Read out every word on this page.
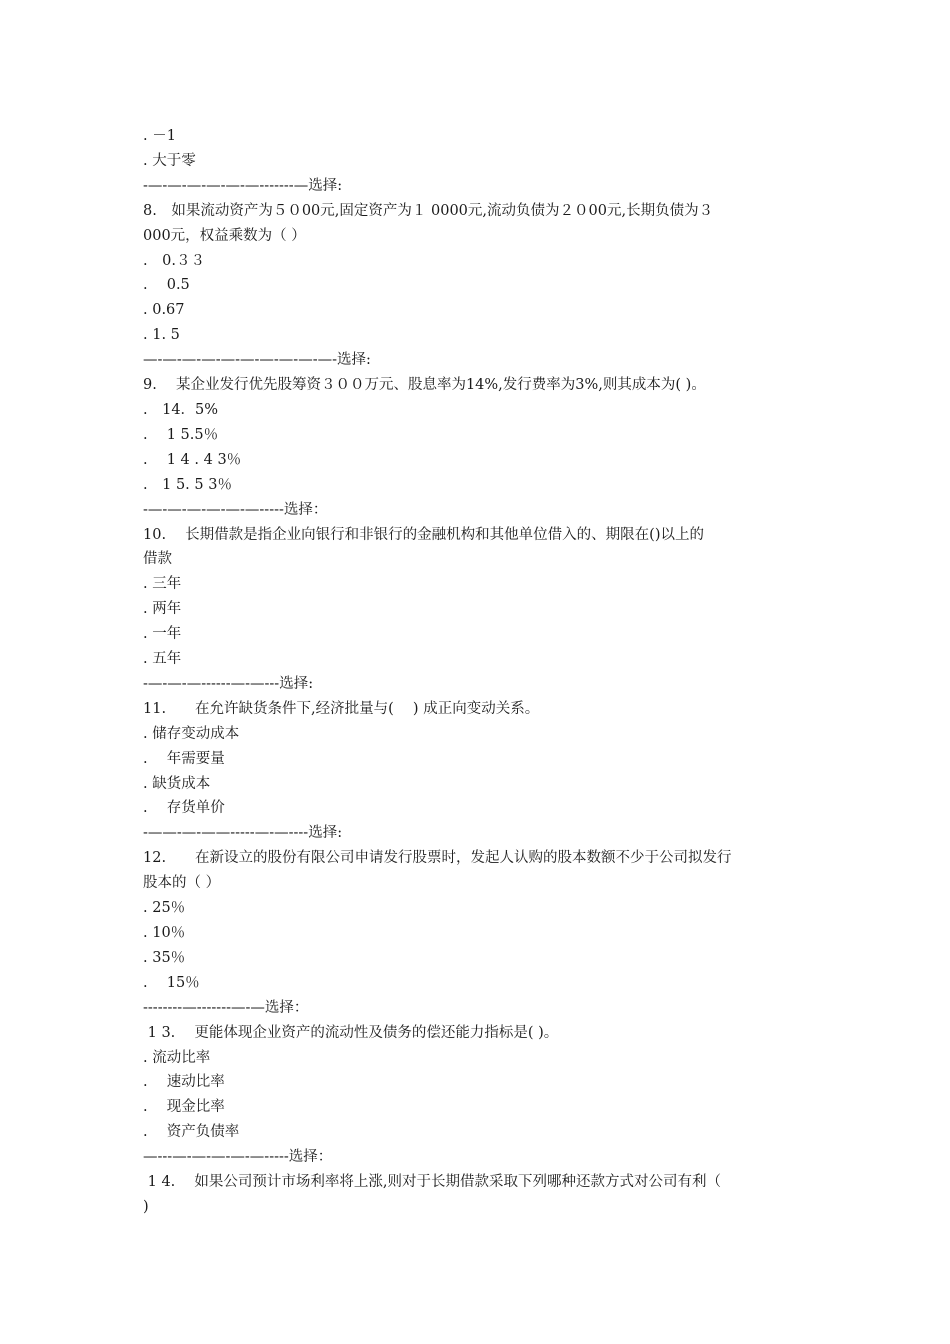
. －1
. 大于零
-—-—-—-—-—-—-------—选择:
8.　如果流动资产为５０00元,固定资产为１ 0000元,流动负债为２０00元,长期负债为３
000元，权益乘数为（ ）
.　0.３３
.　 0.5
. 0.67
. 1. 5
—-—-—-—-—-—-—-—-—-—-选择:
9.　 某企业发行优先股筹资３００万元、股息率为14%,发行费率为3%,则其成本为( )。
.　14．5%
.　 1 5.5％
.　 1 4 . 4 3％
.　1 5. 5 3％
-—-—-—-—-—-—-----选择：
10.　 长期借款是指企业向银行和非银行的金融机构和其他单位借入的、期限在()以上的
借款
. 三年
. 两年
. 一年
. 五年
-—-—-—------—-—---选择:
11.　　在允许缺货条件下,经济批量与(　 ) 成正向变动关系。
. 储存变动成本
.　 年需要量
. 缺货成本
.　 存货单价
-——-—-——-----—-—----选择:
12.　　在新设立的股份有限公司申请发行股票时，发起人认购的股本数额不少于公司拟发行
股本的（ ）
. 25％
. 10％
. 35％
.　 15％
--------—-------—-—选择：
1 3.　 更能体现企业资产的流动性及债务的偿还能力指标是( )。
. 流动比率
.　 速动比率
.　 现金比率
.　 资产负债率
—---—-—-—-—-—-----选择：
1 4.　 如果公司预计市场利率将上涨,则对于长期借款采取下列哪种还款方式对公司有利（
)
